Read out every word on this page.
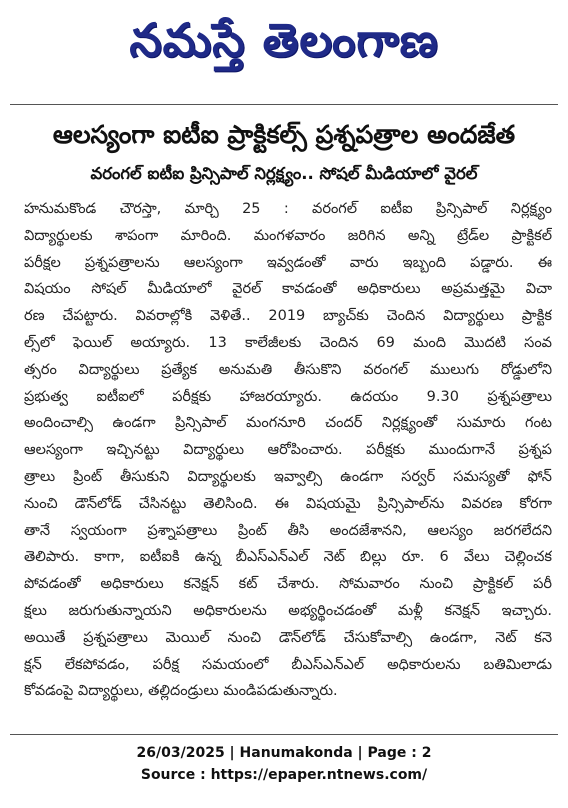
నమస్తే తెలంగాణ
ఆలస్యంగా ఐటీఐ ప్రాక్టికల్స్ ప్రశ్నపత్రాల అందజేత
వరంగల్ ఐటీఐ ప్రిన్సిపాల్ నిర్లక్ష్యం.. సోషల్ మీడియాలో వైరల్
హనుమకొండ చౌరస్తా, మార్చి 25 : వరంగల్ ఐటీఐ ప్రిన్సిపాల్ నిర్లక్ష్యం
విద్యార్థులకు శాపంగా మారింది. మంగళవారం జరిగిన అన్ని ట్రేడ్‌ల ప్రాక్టికల్
పరీక్షల ప్రశ్నపత్రాలను ఆలస్యంగా ఇవ్వడంతో వారు ఇబ్బంది పడ్డారు. ఈ
విషయం సోషల్ మీడియాలో వైరల్ కావడంతో అధికారులు అప్రమత్తమై విచా
రణ చేపట్టారు. వివరాల్లోకి వెళితే.. 2019 బ్యాచ్‌కు చెందిన విద్యార్థులు ప్రాక్టిక
ల్స్‌లో ఫెయిల్ అయ్యారు. 13 కాలేజీలకు చెందిన 69 మంది మొదటి సంవ
త్సరం విద్యార్థులు ప్రత్యేక అనుమతి తీసుకొని వరంగల్ ములుగు రోడ్డులోని
ప్రభుత్వ ఐటీఐలో పరీక్షకు హాజరయ్యారు. ఉదయం 9.30 ప్రశ్నపత్రాలు
అందించాల్సి ఉండగా ప్రిన్సిపాల్ మంగనూరి చందర్ నిర్లక్ష్యంతో సుమారు గంట
ఆలస్యంగా ఇచ్చినట్టు విద్యార్థులు ఆరోపించారు. పరీక్షకు ముందుగానే ప్రశ్నప
త్రాలు ప్రింట్ తీసుకుని విద్యార్థులకు ఇవ్వాల్సి ఉండగా సర్వర్ సమస్యతో ఫోన్
నుంచి డౌన్‌లోడ్ చేసినట్టు తెలిసింది. ఈ విషయమై ప్రిన్సిపాల్‌ను వివరణ కోరగా
తానే స్వయంగా ప్రశ్నాపత్రాలు ప్రింట్ తీసి అందజేశానని, ఆలస్యం జరగలేదని
తెలిపారు. కాగా, ఐటీఐకి ఉన్న బీఎస్ఎన్ఎల్ నెట్ బిల్లు రూ. 6 వేలు చెల్లించక
పోవడంతో అధికారులు కనెక్షన్ కట్ చేశారు. సోమవారం నుంచి ప్రాక్టికల్ పరీ
క్షలు జరుగుతున్నాయని అధికారులను అభ్యర్థించడంతో మళ్లీ కనెక్షన్ ఇచ్చారు.
అయితే ప్రశ్నపత్రాలు మెయిల్ నుంచి డౌన్‌లోడ్ చేసుకోవాల్సి ఉండగా, నెట్ కనె
క్షన్ లేకపోవడం, పరీక్ష సమయంలో బీఎస్ఎన్ఎల్ అధికారులను బతిమిలాడు
కోవడంపై విద్యార్థులు, తల్లిదండ్రులు మండిపడుతున్నారు.
26/03/2025 | Hanumakonda | Page : 2
Source : https://epaper.ntnews.com/
